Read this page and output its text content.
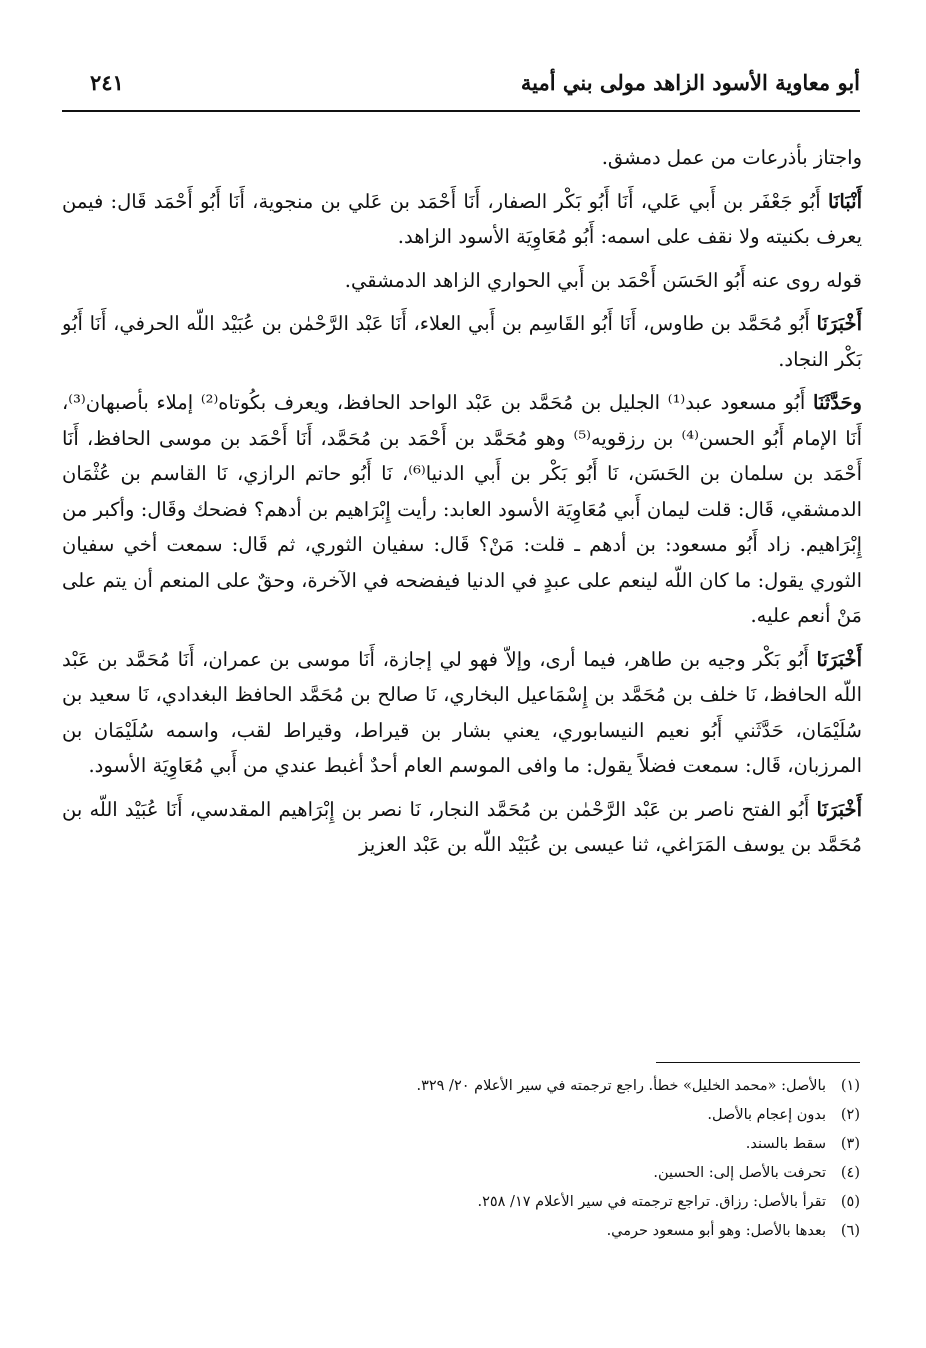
أبو معاوية الأسود الزاهد مولى بني أمية
٢٤١

واجتاز بأذرعات من عمل دمشق.

أَنْبَانَا أَبُو جَعْفَر بن أَبي عَلي، أَنَا أَبُو بَكْر الصفار، أَنَا أَحْمَد بن عَلي بن منجوية، أَنَا أَبُو أَحْمَد قَال: فيمن يعرف بكنيته ولا نقف على اسمه: أَبُو مُعَاوِيَة الأسود الزاهد.

قوله روى عنه أَبُو الحَسَن أَحْمَد بن أَبي الحواري الزاهد الدمشقي.

أَخْبَرَنَا أَبُو مُحَمَّد بن طاوس، أَنَا أَبُو القَاسِم بن أَبي العلاء، أَنَا عَبْد الرَّحْمٰن بن عُبَيْد اللّه الحرفي، أَنَا أَبُو بَكْر النجاد.

وحَدَّثَنَا أَبُو مسعود عبد⁽¹⁾ الجليل بن مُحَمَّد بن عَبْد الواحد الحافظ، ويعرف بكُوتاه⁽²⁾ إملاء بأصبهان⁽³⁾، أَنَا الإمام أَبُو الحسن⁽⁴⁾ بن رزقويه⁽⁵⁾ وهو مُحَمَّد بن أَحْمَد بن مُحَمَّد، أَنَا أَحْمَد بن موسى الحافظ، أَنَا أَحْمَد بن سلمان بن الحَسَن، نَا أَبُو بَكْر بن أَبي الدنيا⁽⁶⁾، نَا أَبُو حاتم الرازي، نَا القاسم بن عُثْمَان الدمشقي، قَال: قلت ليمان أَبي مُعَاوِيَة الأسود العابد: رأيت إِبْرَاهيم بن أدهم؟ فضحك وقَال: وأكبر من إِبْرَاهيم. زاد أَبُو مسعود: بن أدهم ـ قلت: مَنْ؟ قَال: سفيان الثوري، ثم قَال: سمعت أخي سفيان الثوري يقول: ما كان اللّه لينعم على عبدٍ في الدنيا فيفضحه في الآخرة، وحقٌ على المنعم أن يتم على مَنْ أنعم عليه.

أَخْبَرَنَا أَبُو بَكْر وجيه بن طاهر، فيما أرى، وإلاّ فهو لي إجازة، أَنَا موسى بن عمران، أَنَا مُحَمَّد بن عَبْد اللّه الحافظ، نَا خلف بن مُحَمَّد بن إِسْمَاعيل البخاري، نَا صالح بن مُحَمَّد الحافظ البغدادي، نَا سعيد بن سُلَيْمَان، حَدَّثَني أَبُو نعيم النيسابوري، يعني بشار بن قيراط، وقيراط لقب، واسمه سُلَيْمَان بن المرزبان، قَال: سمعت فضلاً يقول: ما وافى الموسم العام أحدٌ أغبط عندي من أَبي مُعَاوِيَة الأسود.

أَخْبَرَنَا أَبُو الفتح ناصر بن عَبْد الرَّحْمٰن بن مُحَمَّد النجار، نَا نصر بن إِبْرَاهيم المقدسي، أَنَا عُبَيْد اللّه بن مُحَمَّد بن يوسف المَرَاغي، ثنا عيسى بن عُبَيْد اللّه بن عَبْد العزيز

(١)بالأصل: «محمد الخليل» خطأ. راجع ترجمته في سير الأعلام ٢٠/ ٣٢٩.
(٢)بدون إعجام بالأصل.
(٣)سقط بالسند.
(٤)تحرفت بالأصل إلى: الحسين.
(٥)تقرأ بالأصل: رزاق. تراجع ترجمته في سير الأعلام ١٧/ ٢٥٨.
(٦)بعدها بالأصل: وهو أبو مسعود حرمي.
